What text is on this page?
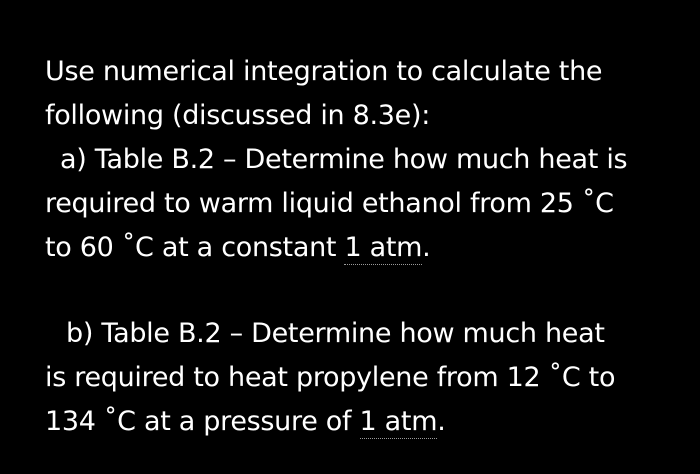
Use numerical integration to calculate the
following (discussed in 8.3e):
a) Table B.2 – Determine how much heat is
required to warm liquid ethanol from 25 ˚C
to 60 ˚C at a constant 1 atm.
b) Table B.2 – Determine how much heat
is required to heat propylene from 12 ˚C to
134 ˚C at a pressure of 1 atm.
